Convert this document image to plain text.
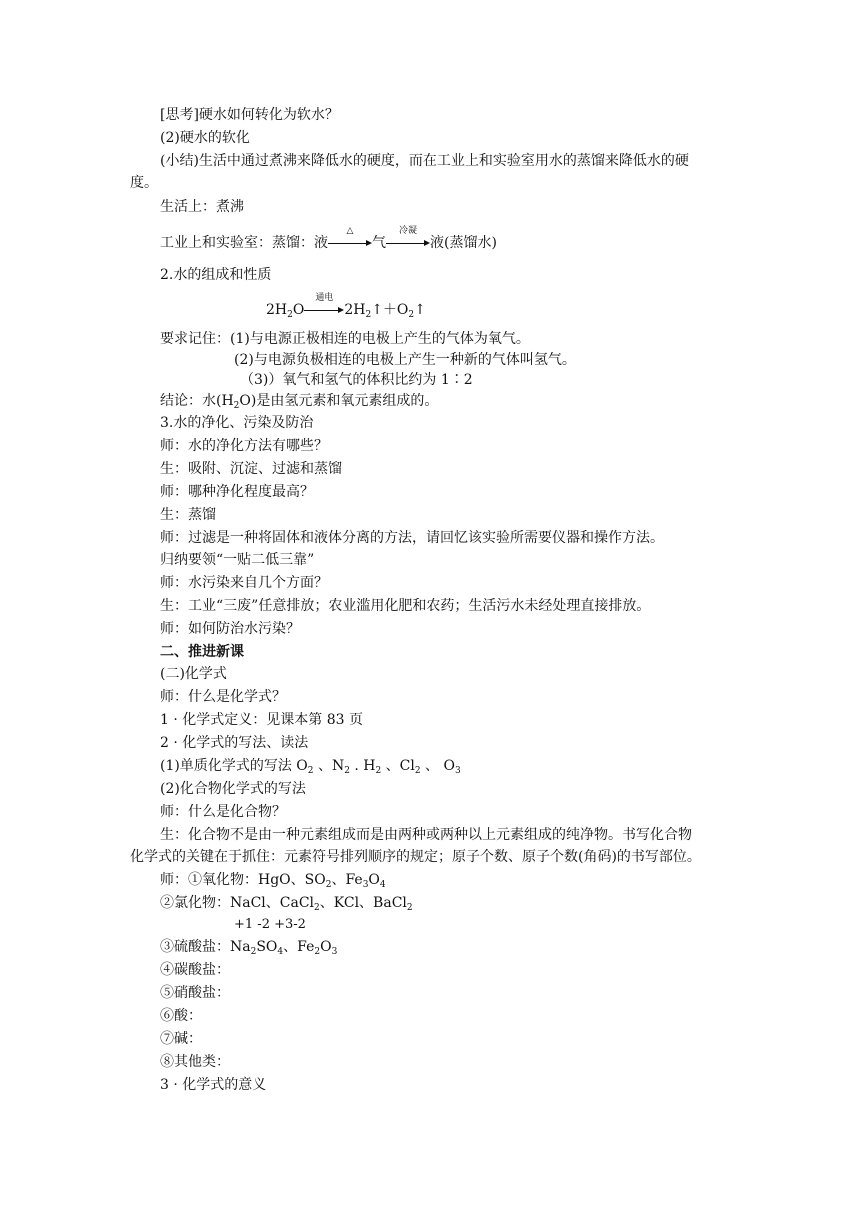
[思考]硬水如何转化为软水？
(2)硬水的软化
(小结)生活中通过煮沸来降低水的硬度，而在工业上和实验室用水的蒸馏来降低水的硬
度。
生活上：煮沸
工业上和实验室：蒸馏：液
△
气
冷凝
液(蒸馏水)
2.水的组成和性质
$2H_2O$
通电
$2H_2↑+O_2↑$
要求记住：(1)与电源正极相连的电极上产生的气体为氧气。
(2)与电源负极相连的电极上产生一种新的气体叫氢气。
（3)）氧气和氢气的体积比约为 1∶2
结论：水$(H_2O)$是由氢元素和氧元素组成的。
3.水的净化、污染及防治
师：水的净化方法有哪些？
生：吸附、沉淀、过滤和蒸馏
师：哪种净化程度最高？
生：蒸馏
师：过滤是一种将固体和液体分离的方法，请回忆该实验所需要仪器和操作方法。
归纳要领“一贴二低三靠”
师：水污染来自几个方面？
生：工业“三废”任意排放；农业滥用化肥和农药；生活污水未经处理直接排放。
师：如何防治水污染？
二、推进新课
(二)化学式
师：什么是化学式？
1 · 化学式定义：见课本第 83 页
2 · 化学式的写法、读法
(1)单质化学式的写法 $O_2$ 、$N_2$ . $H_2$ 、$Cl_2$ 、 $O_3$
(2)化合物化学式的写法
师：什么是化合物？
生：化合物不是由一种元素组成而是由两种或两种以上元素组成的纯净物。书写化合物
化学式的关键在于抓住：元素符号排列顺序的规定；原子个数、原子个数(角码)的书写部位。
师：①氧化物：HgO、$SO_2$、$Fe_3O_4$
②氯化物：NaCl、CaCl$_2$、KCl、BaCl$_2$
+1 -2 +3-2
③硫酸盐：$Na_2SO_4$、$Fe_2O_3$
④碳酸盐：
⑤硝酸盐：
⑥酸：
⑦碱：
⑧其他类：
3 · 化学式的意义
